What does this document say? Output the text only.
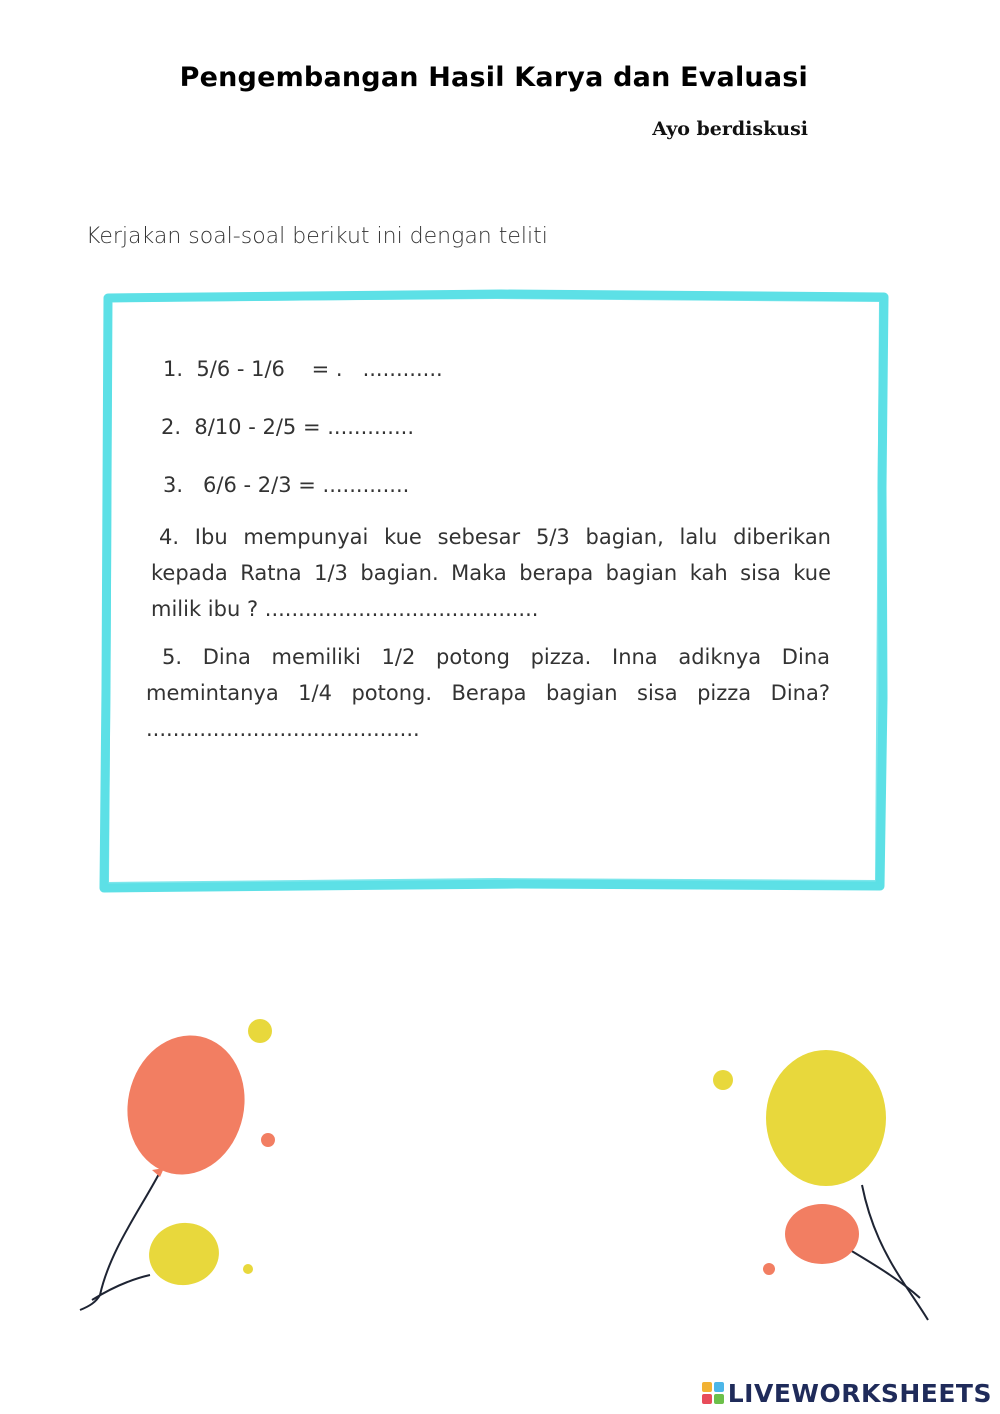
Pengembangan Hasil Karya dan Evaluasi
Ayo berdiskusi
Kerjakan soal-soal berikut ini dengan teliti
1.  5/6 - 1/6    = .   ............
2.  8/10 - 2/5 = .............
3.   6/6 - 2/3 = .............
4. Ibu mempunyai kue sebesar 5/3 bagian, lalu diberikan kepada Ratna 1/3 bagian. Maka berapa bagian kah sisa kue milik ibu ? .........................................
5. Dina memiliki 1/2 potong pizza. Inna adiknya Dina memintanya 1/4 potong. Berapa bagian sisa pizza Dina? .........................................
LIVEWORKSHEETS
